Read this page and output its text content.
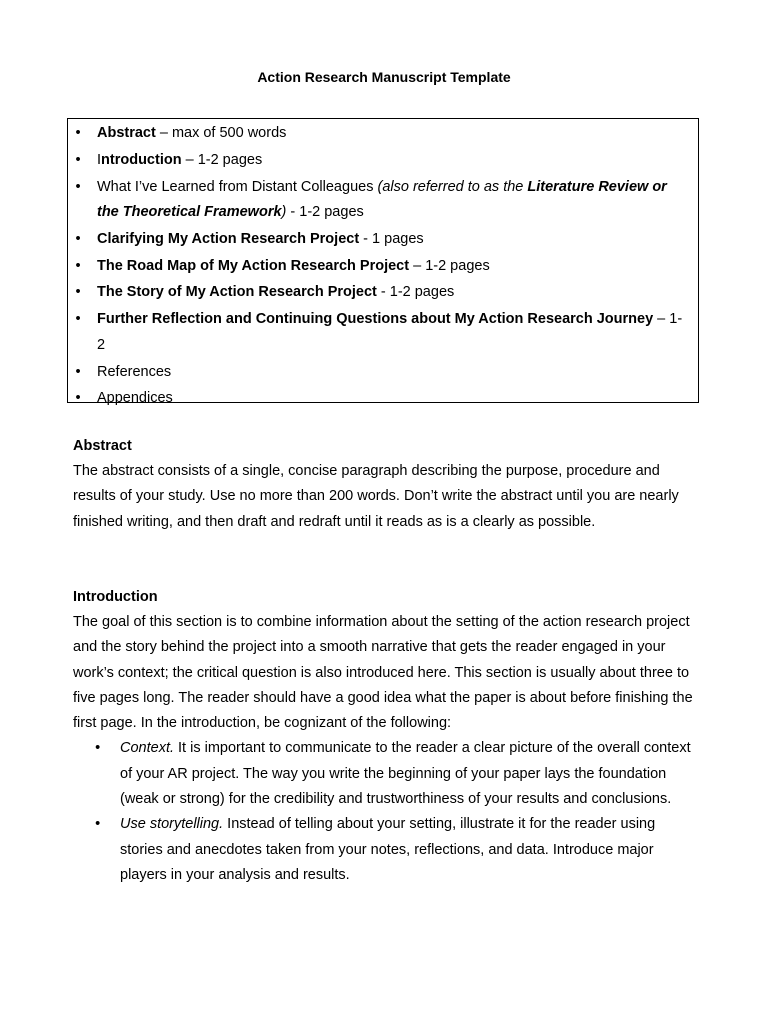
Action Research Manuscript Template
• Abstract – max of 500 words
• Introduction – 1-2 pages
• What I’ve Learned from Distant Colleagues (also referred to as the Literature Review or the Theoretical Framework) - 1-2 pages
• Clarifying My Action Research Project - 1 pages
• The Road Map of My Action Research Project – 1-2 pages
• The Story of My Action Research Project - 1-2 pages
• Further Reflection and Continuing Questions about My Action Research Journey – 1-2
• References
• Appendices
Abstract

The abstract consists of a single, concise paragraph describing the purpose, procedure and results of your study. Use no more than 200 words. Don’t write the abstract until you are nearly finished writing, and then draft and redraft until it reads as is a clearly as possible.

Introduction

The goal of this section is to combine information about the setting of the action research project and the story behind the project into a smooth narrative that gets the reader engaged in your work’s context; the critical question is also introduced here. This section is usually about three to five pages long. The reader should have a good idea what the paper is about before finishing the first page. In the introduction, be cognizant of the following:

• Context. It is important to communicate to the reader a clear picture of the overall context of your AR project. The way you write the beginning of your paper lays the foundation (weak or strong) for the credibility and trustworthiness of your results and conclusions.
• Use storytelling. Instead of telling about your setting, illustrate it for the reader using stories and anecdotes taken from your notes, reflections, and data. Introduce major players in your analysis and results.
